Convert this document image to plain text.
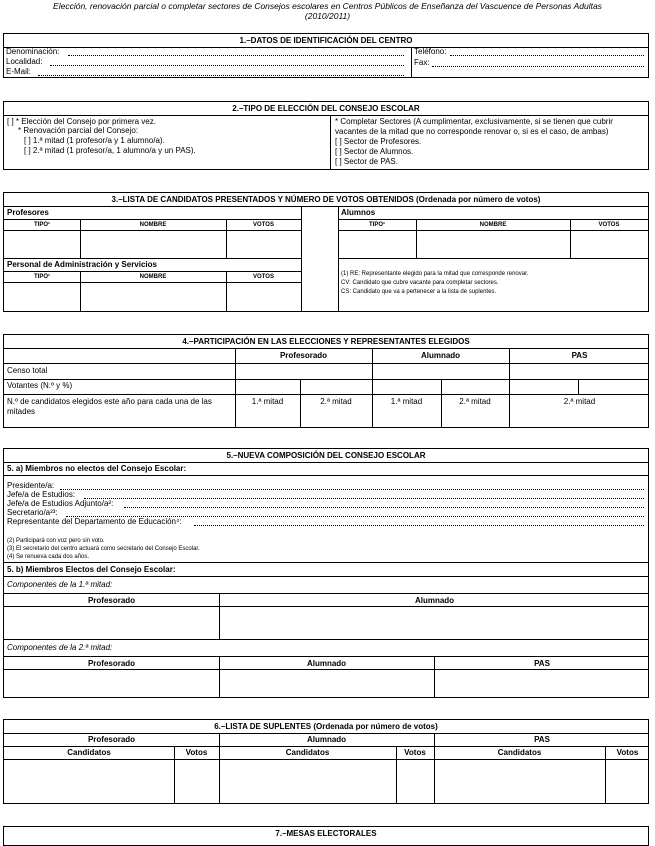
Elección, renovación parcial o completar sectores de Consejos escolares en Centros Públicos de Enseñanza del Vascuence de Personas Adultas
(2010/2011)
1.–DATOS DE IDENTIFICACIÓN DEL CENTRO
Denominación:
Localidad:
E-Mail:
Teléfono:
Fax:
2.–TIPO DE ELECCIÓN DEL CONSEJO ESCOLAR
[ ] * Elección del Consejo por primera vez.
* Renovación parcial del Consejo:
[ ] 1.ª mitad (1 profesor/a y 1 alumno/a).
[ ] 2.ª mitad (1 profesor/a, 1 alumno/a y un PAS).
* Completar Sectores (A cumplimentar, exclusivamente, si se tienen que cubrir
vacantes de la mitad que no corresponde renovar o, si es el caso, de ambas)
[ ] Sector de Profesores.
[ ] Sector de Alumnos.
[ ] Sector de PAS.
3.–LISTA DE CANDIDATOS PRESENTADOS Y NÚMERO DE VOTOS OBTENIDOS (Ordenada por número de votos)
Profesores
TIPO¹	NOMBRE	VOTOS
Personal de Administración y Servicios
TIPO¹	NOMBRE	VOTOS
Alumnos
TIPO¹	NOMBRE	VOTOS
(1) RE: Representante elegido para la mitad que corresponde renovar.
CV: Candidato que cubre vacante para completar sectores.
CS: Candidato que va a pertenecer a la lista de suplentes.
4.–PARTICIPACIÓN EN LAS ELECCIONES Y REPRESENTANTES ELEGIDOS
Profesorado	Alumnado	PAS
Censo total
Votantes (N.º y %)
N.º de candidatos elegidos este año para cada una de las
mitades
1.ª mitad	2.ª mitad	1.ª mitad	2.ª mitad	2.ª mitad
5.–NUEVA COMPOSICIÓN DEL CONSEJO ESCOLAR
5. a) Miembros no electos del Consejo Escolar:
Presidente/a:
Jefe/a de Estudios:
Jefe/a de Estudios Adjunto/a²:
Secretario/a²³:
Representante del Departamento de Educación⁴:
(2) Participará con voz pero sin voto.
(3) El secretario del centro actuará como secretario del Consejo Escolar.
(4) Se renueva cada dos años.
5. b) Miembros Electos del Consejo Escolar:
Componentes de la 1.ª mitad:
Profesorado	Alumnado
Componentes de la 2.ª mitad:
Profesorado	Alumnado	PAS
6.–LISTA DE SUPLENTES (Ordenada por número de votos)
Profesorado	Alumnado	PAS
Candidatos	Votos	Candidatos	Votos	Candidatos	Votos
7.–MESAS ELECTORALES
